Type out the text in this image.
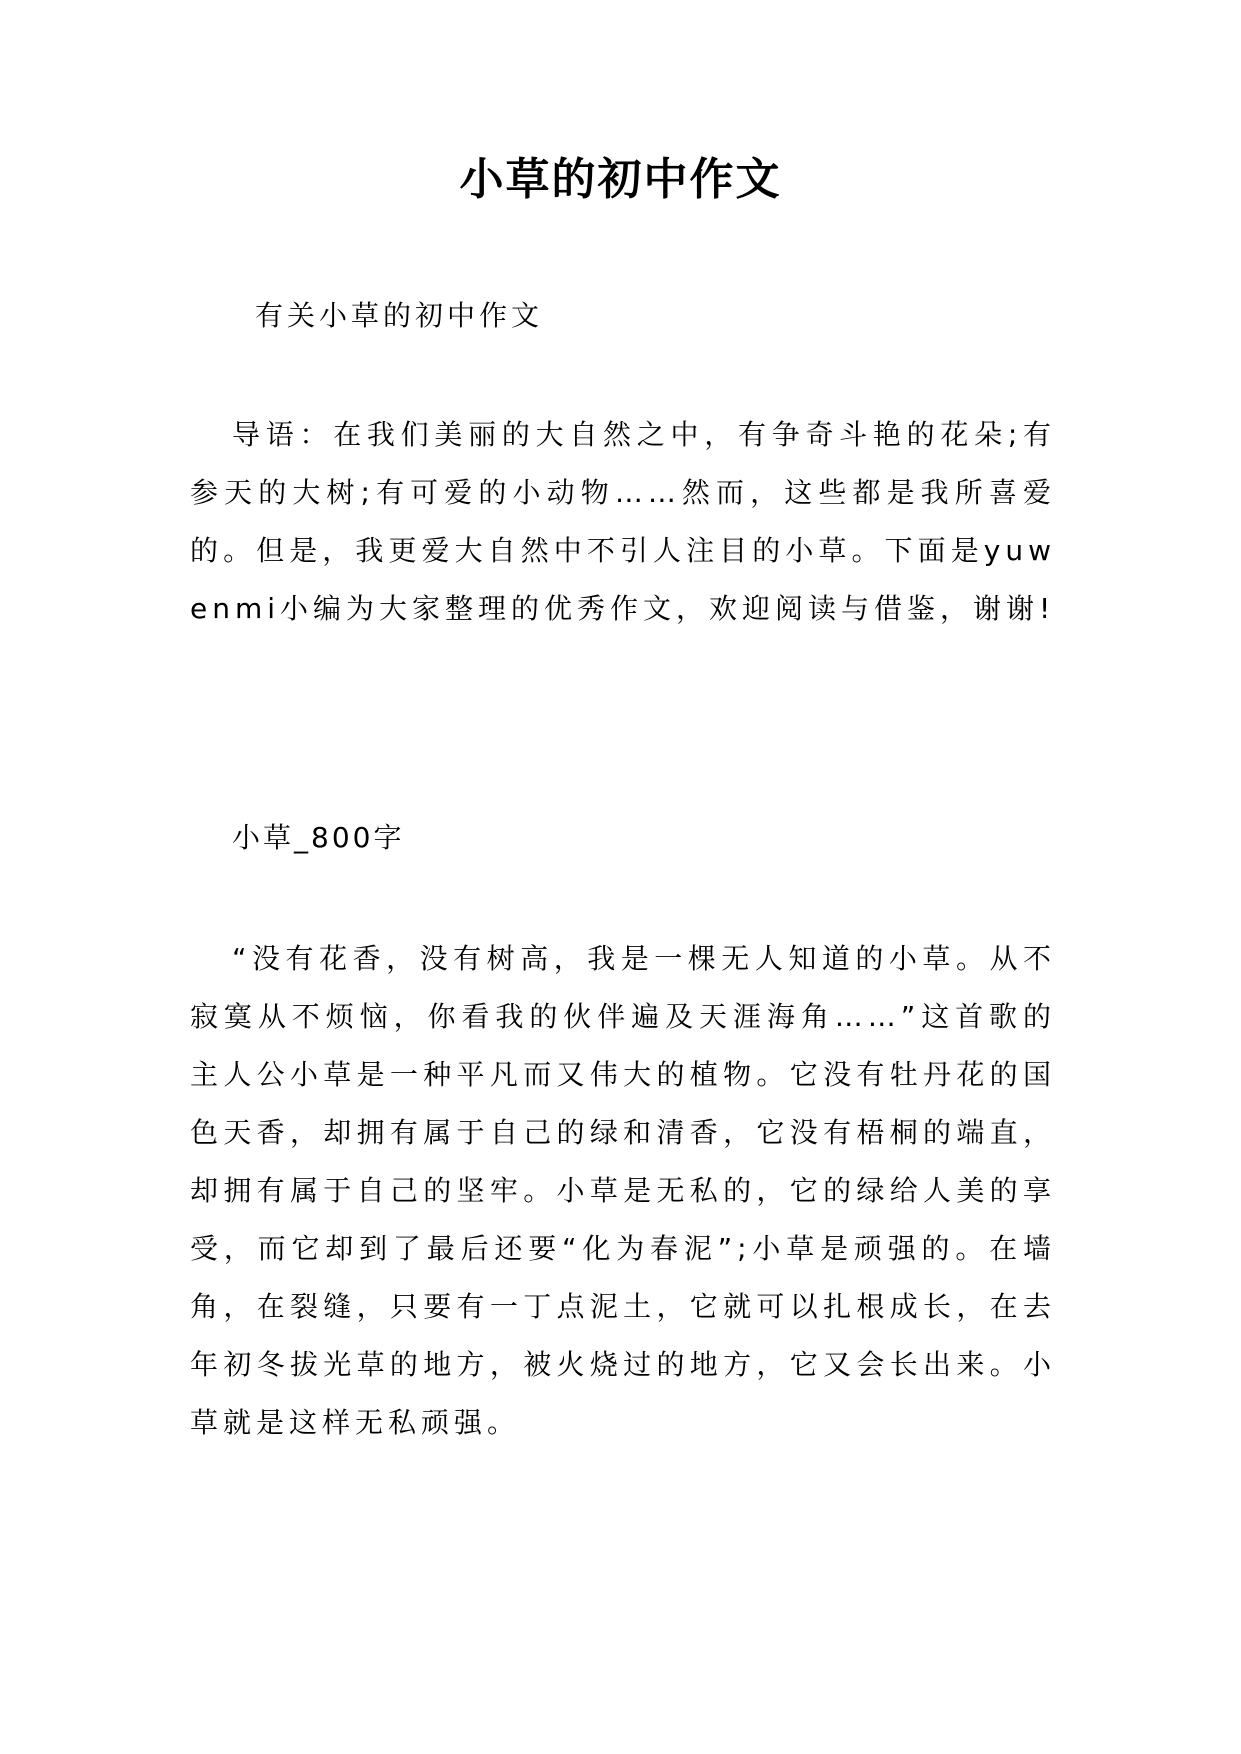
小草的初中作文
有关小草的初中作文
导语：在我们美丽的大自然之中，有争奇斗艳的花朵;有参天的大树;有可爱的小动物……然而，这些都是我所喜爱的。但是，我更爱大自然中不引人注目的小草。下面是yuwenmi小编为大家整理的优秀作文，欢迎阅读与借鉴，谢谢!
小草_800字
“没有花香，没有树高，我是一棵无人知道的小草。从不寂寞从不烦恼，你看我的伙伴遍及天涯海角……”这首歌的主人公小草是一种平凡而又伟大的植物。它没有牡丹花的国色天香，却拥有属于自己的绿和清香，它没有梧桐的端直，却拥有属于自己的坚牢。小草是无私的，它的绿给人美的享受，而它却到了最后还要“化为春泥”;小草是顽强的。在墙角，在裂缝，只要有一丁点泥土，它就可以扎根成长，在去年初冬拔光草的地方，被火烧过的地方，它又会长出来。小草就是这样无私顽强。
